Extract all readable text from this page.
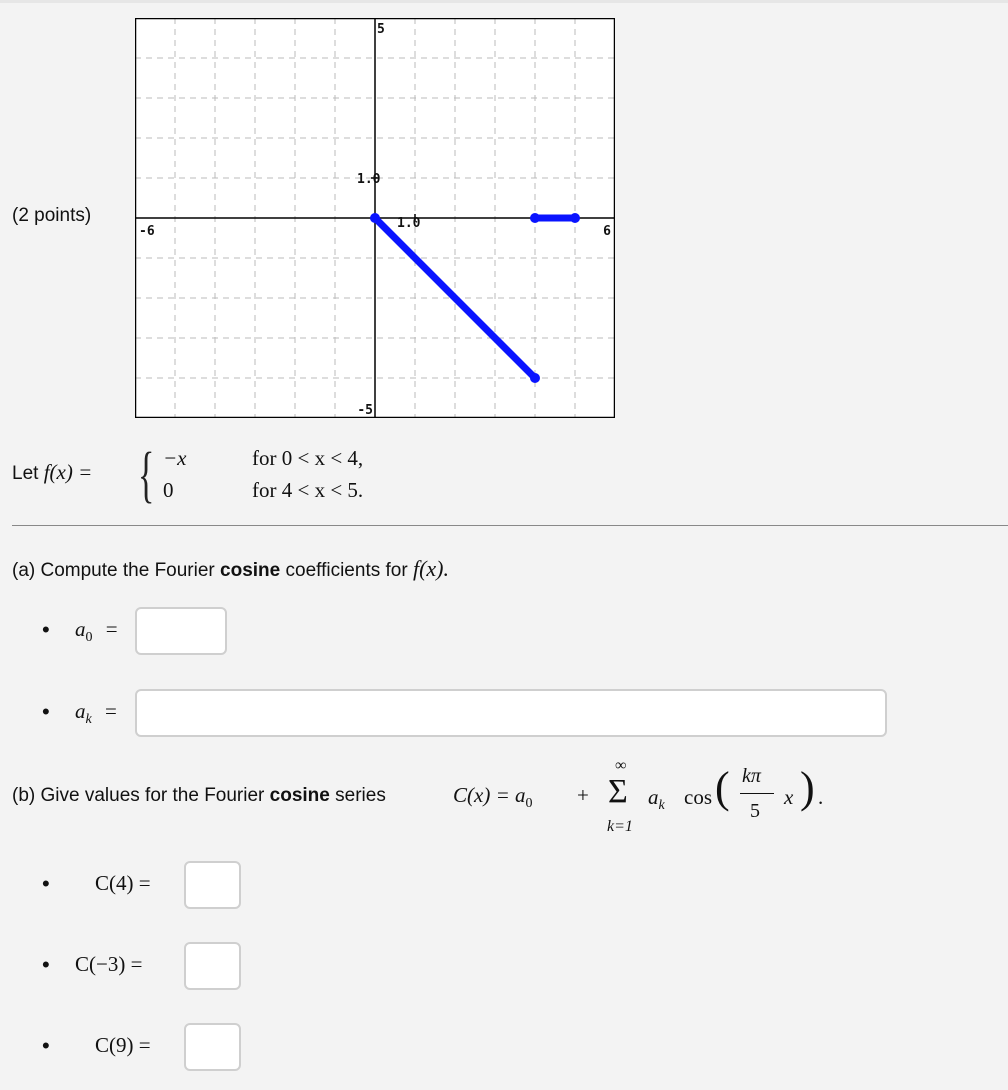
(2 points)
-6	6
5
-5
1.0
1.0
Let f(x) = { −x	for 0 < x < 4,
0	for 4 < x < 5.
(a) Compute the Fourier cosine coefficients for f(x).
• $a_0$ =
• $a_k$ =
(b) Give values for the Fourier cosine series	$C(x) = a_0$ +
∞
Σ
k=1
$a_k$ cos ( kπ
5
x ) .
• C(4) =
• C(−3) =
• C(9) =
